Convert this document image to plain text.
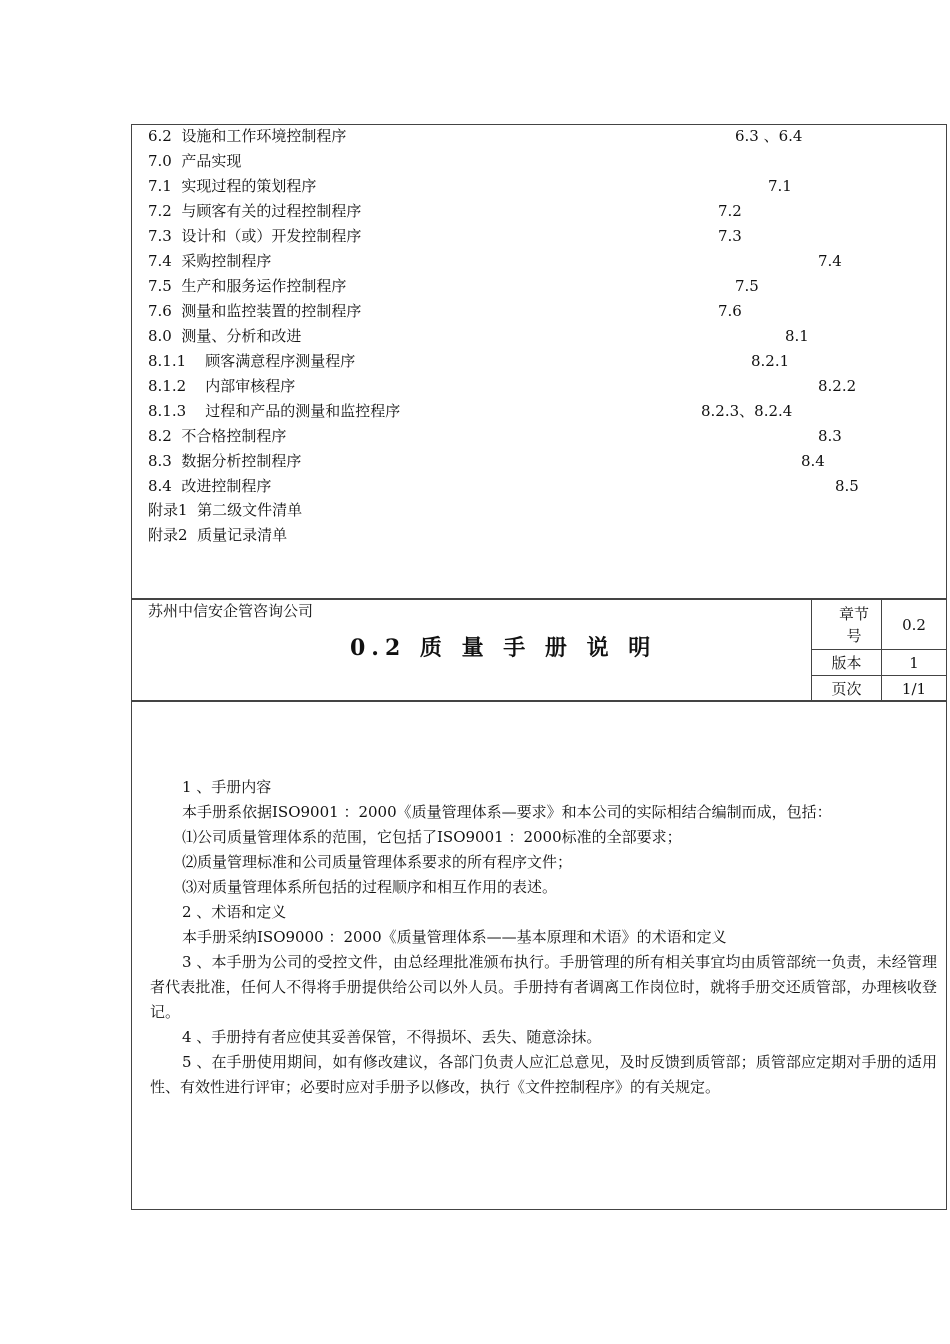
6.2 设施和工作环境控制程序	6.3 、6.4
7.0 产品实现
7.1 实现过程的策划程序	7.1
7.2 与顾客有关的过程控制程序	7.2
7.3 设计和（或）开发控制程序	7.3
7.4 采购控制程序	7.4
7.5 生产和服务运作控制程序	7.5
7.6 测量和监控装置的控制程序	7.6
8.0 测量、分析和改进	8.1
8.1.1 顾客满意程序测量程序	8.2.1
8.1.2 内部审核程序	8.2.2
8.1.3 过程和产品的测量和监控程序	8.2.3、8.2.4
8.2 不合格控制程序	8.3
8.3 数据分析控制程序	8.4
8.4 改进控制程序	8.5
附录1 第二级文件清单
附录2 质量记录清单
苏州中信安企管咨询公司
0.2 质 量 手 册 说 明
章节号
0.2
版本	1
页次	1/1
1 、手册内容
本手册系依据ISO9001 ：2000《质量管理体系—要求》和本公司的实际相结合编制而成，包括：
⑴公司质量管理体系的范围，它包括了ISO9001 ：2000标准的全部要求；
⑵质量管理标准和公司质量管理体系要求的所有程序文件；
⑶对质量管理体系所包括的过程顺序和相互作用的表述。
2 、术语和定义
本手册采纳ISO9000 ：2000《质量管理体系——基本原理和术语》的术语和定义
3 、本手册为公司的受控文件，由总经理批准颁布执行。手册管理的所有相关事宜均由质管部统一负责，未经管理者代表批准，任何人不得将手册提供给公司以外人员。手册持有者调离工作岗位时，就将手册交还质管部，办理核收登记。
4 、手册持有者应使其妥善保管，不得损坏、丢失、随意涂抹。
5 、在手册使用期间，如有修改建议，各部门负责人应汇总意见，及时反馈到质管部；质管部应定期对手册的适用性、有效性进行评审；必要时应对手册予以修改，执行《文件控制程序》的有关规定。
